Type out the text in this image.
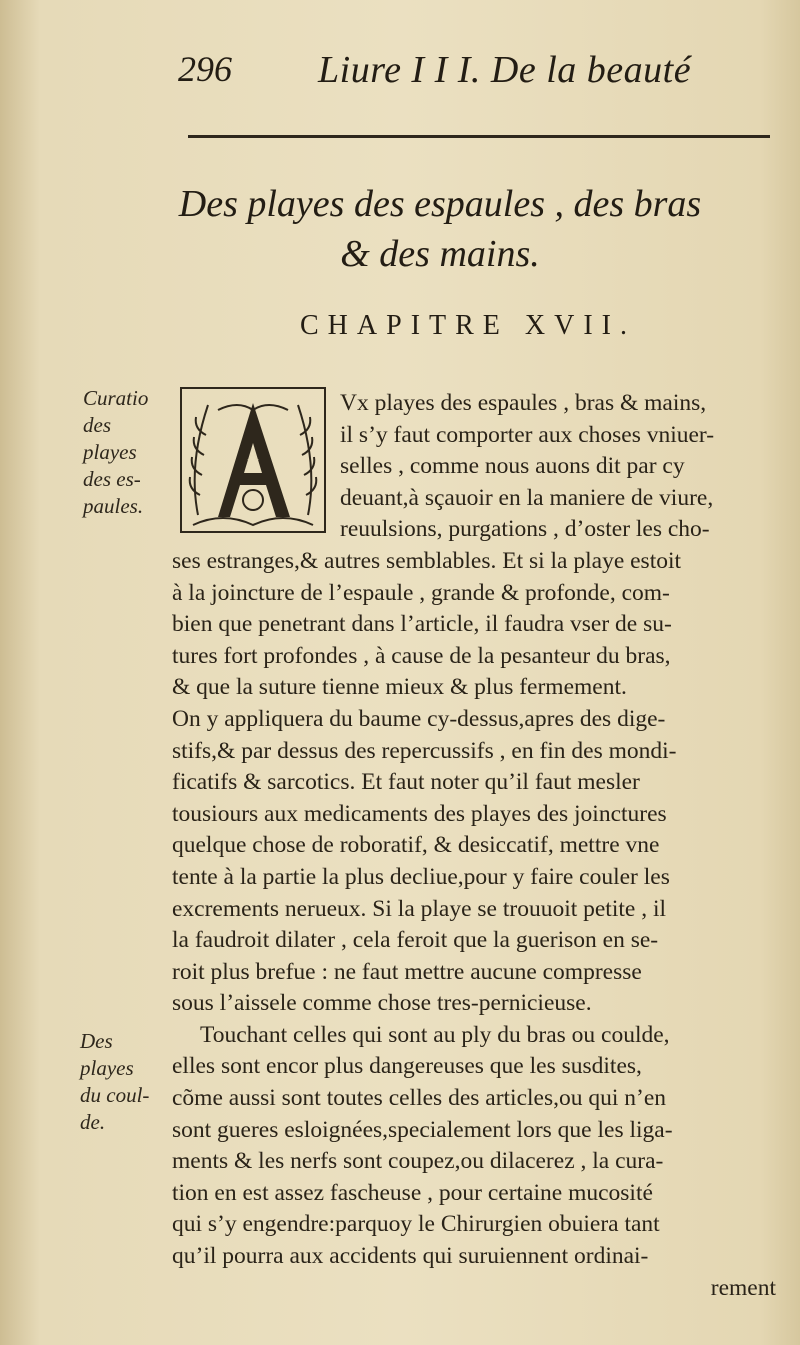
296 Liure I I I. De la beauté
Des playes des espaules , des bras
& des mains.
CHAPITRE XVII.
Curatio
des
playes
des es-
paules.
Des
playes
du coul-
de.
A
Vx playes des espaules , bras & mains,
il s’y faut comporter aux choses vniuer-
selles , comme nous auons dit par cy
deuant,à sçauoir en la maniere de viure,
reuulsions, purgations , d’oster les cho-
ses estranges,& autres semblables. Et si la playe estoit
à la joincture de l’espaule , grande & profonde, com-
bien que penetrant dans l’article, il faudra vser de su-
tures fort profondes , à cause de la pesanteur du bras,
& que la suture tienne mieux & plus fermement.
On y appliquera du baume cy-dessus,apres des dige-
stifs,& par dessus des repercussifs , en fin des mondi-
ficatifs & sarcotics. Et faut noter qu’il faut mesler
tousiours aux medicaments des playes des joinctures
quelque chose de roboratif, & desiccatif, mettre vne
tente à la partie la plus decliue,pour y faire couler les
excrements nerueux. Si la playe se trouuoit petite , il
la faudroit dilater , cela feroit que la guerison en se-
roit plus brefue : ne faut mettre aucune compresse
sous l’aissele comme chose tres-pernicieuse.
Touchant celles qui sont au ply du bras ou coulde,
elles sont encor plus dangereuses que les susdites,
cõme aussi sont toutes celles des articles,ou qui n’en
sont gueres esloignées,specialement lors que les liga-
ments & les nerfs sont coupez,ou dilacerez , la cura-
tion en est assez fascheuse , pour certaine mucosité
qui s’y engendre:parquoy le Chirurgien obuiera tant
qu’il pourra aux accidents qui suruiennent ordinai-
rement
